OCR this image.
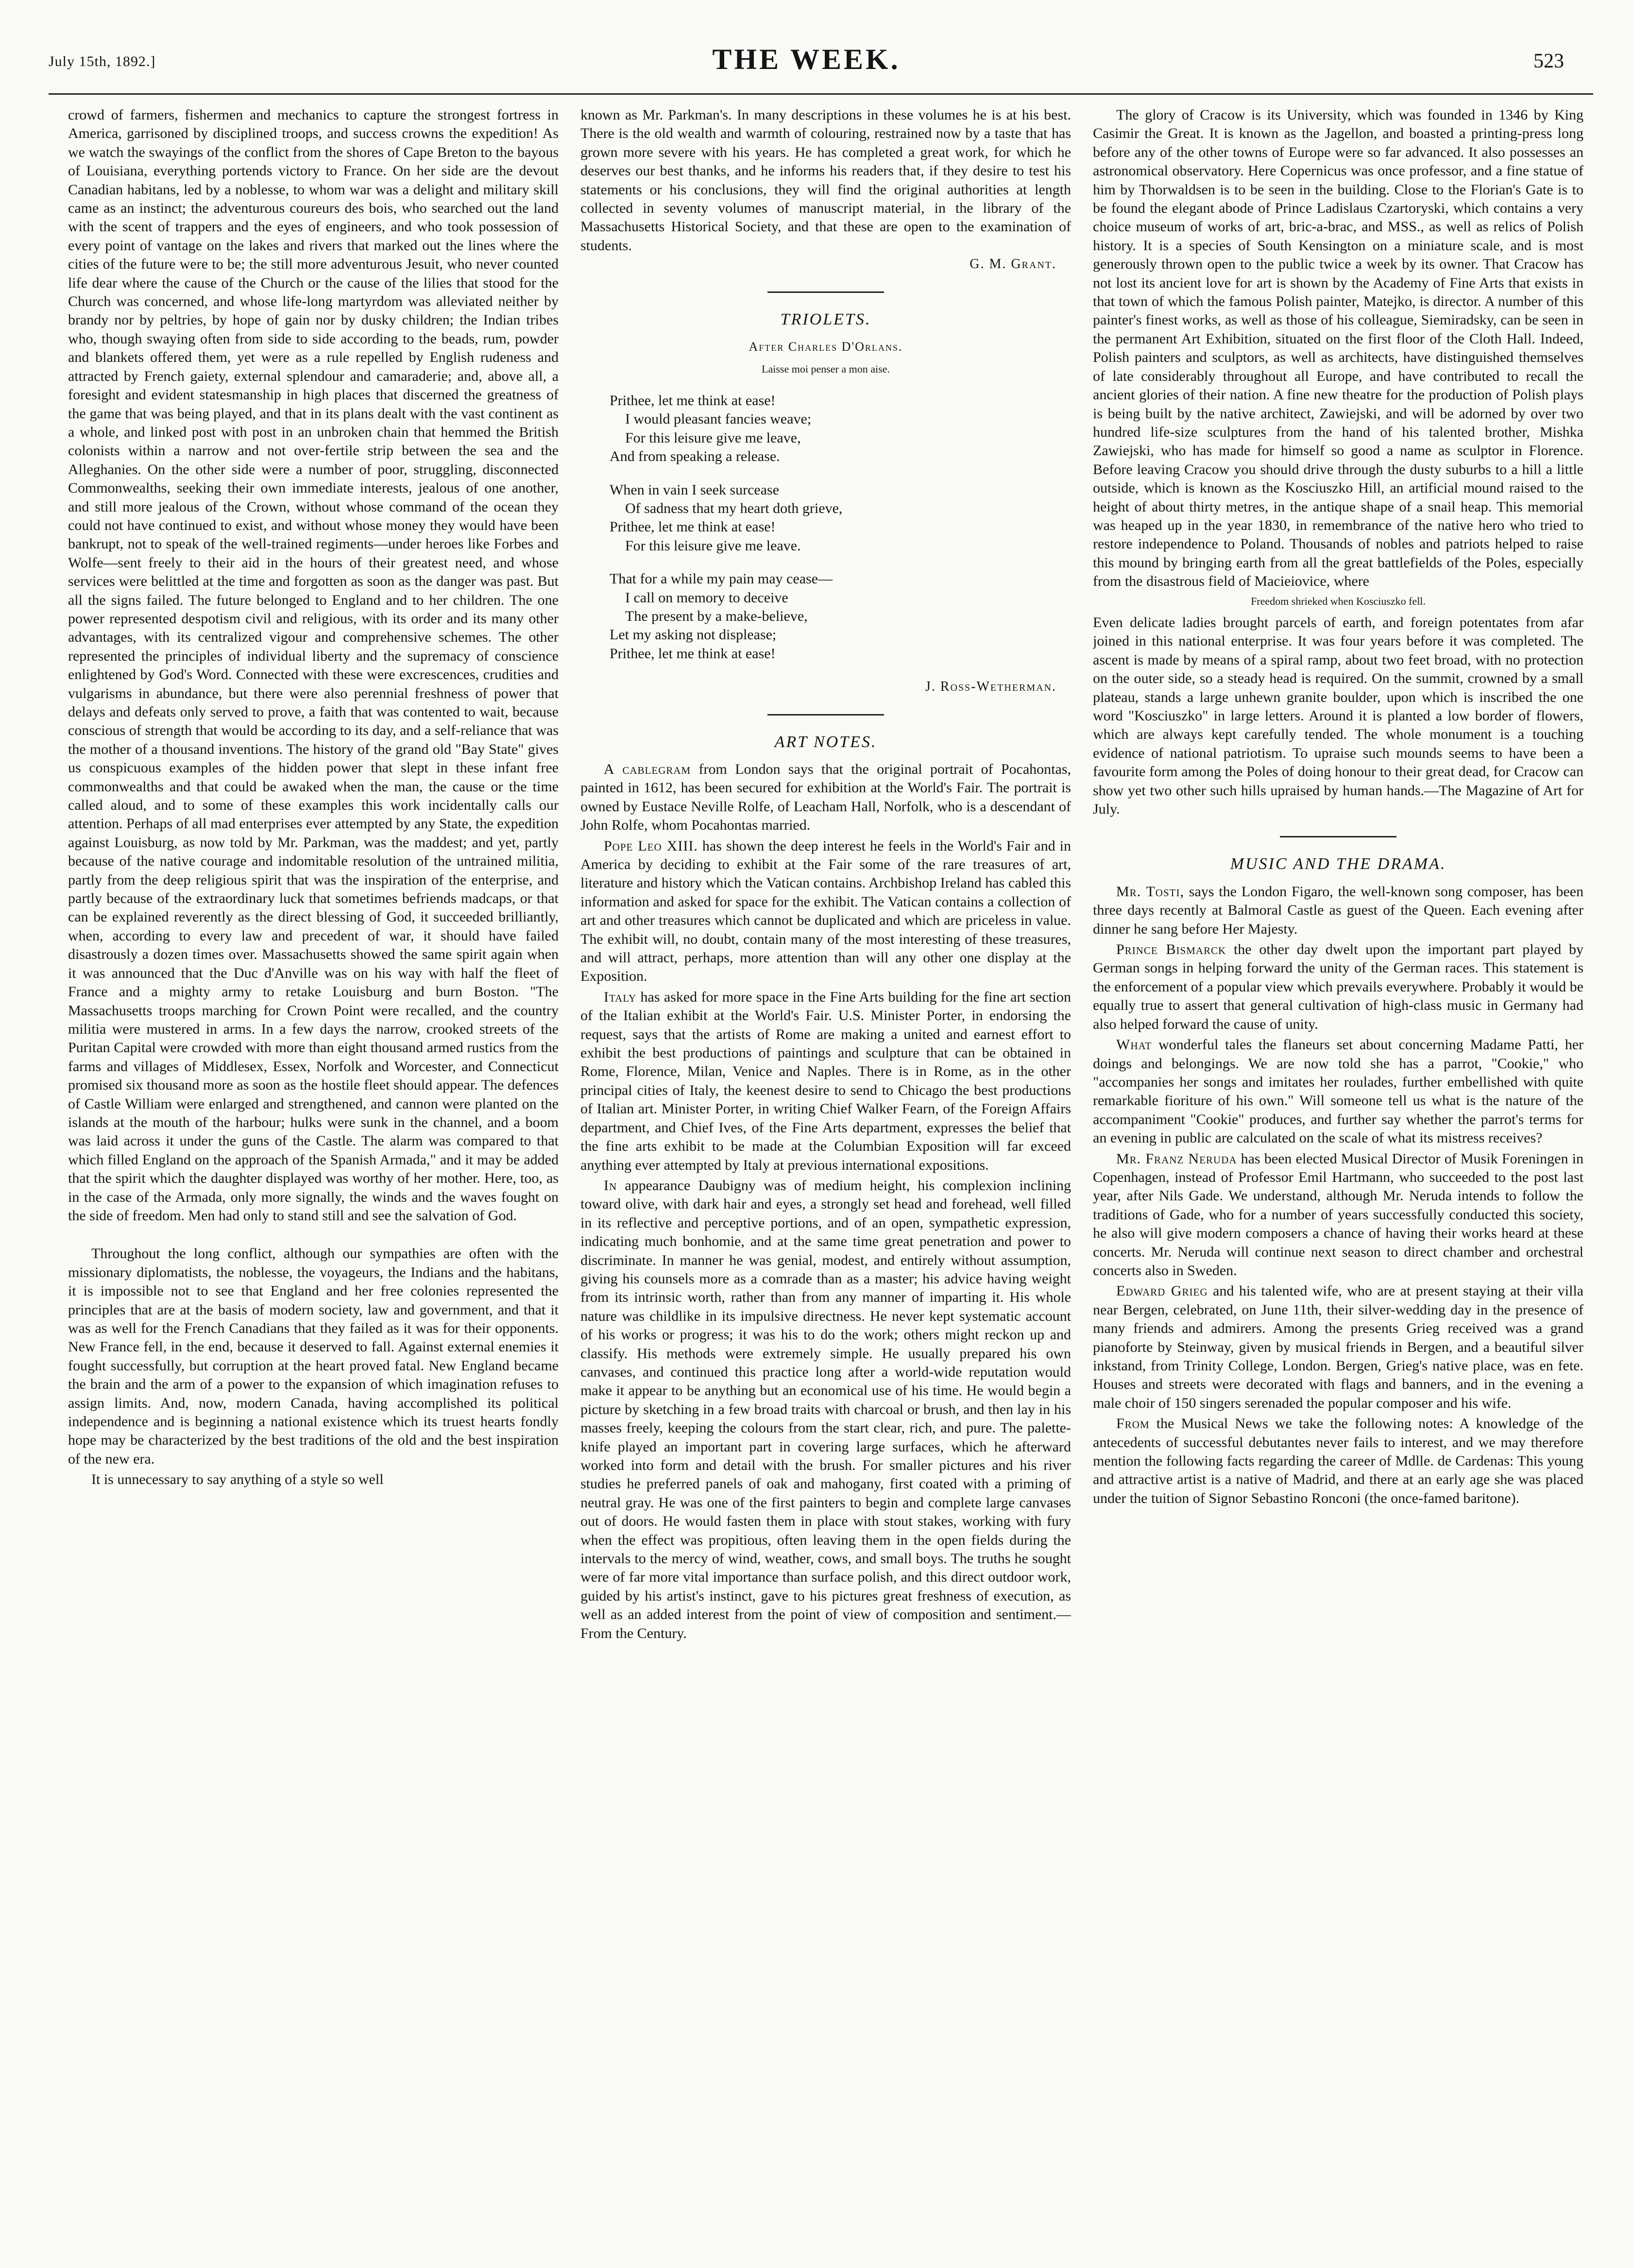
July 15th, 1892.]	THE WEEK.	523

crowd of farmers, fishermen and mechanics to capture the strongest fortress in America, garrisoned by disciplined troops, and success crowns the expedition! As we watch the swayings of the conflict from the shores of Cape Breton to the bayous of Louisiana, everything portends victory to France. On her side are the devout Canadian habitans, led by a noblesse, to whom war was a delight and military skill came as an instinct; the adventurous coureurs des bois, who searched out the land with the scent of trappers and the eyes of engineers, and who took possession of every point of vantage on the lakes and rivers that marked out the lines where the cities of the future were to be; the still more adventurous Jesuit, who never counted life dear where the cause of the Church or the cause of the lilies that stood for the Church was concerned, and whose life-long martyrdom was alleviated neither by brandy nor by peltries, by hope of gain nor by dusky children; the Indian tribes who, though swaying often from side to side according to the beads, rum, powder and blankets offered them, yet were as a rule repelled by English rudeness and attracted by French gaiety, external splendour and camaraderie; and, above all, a foresight and evident statesmanship in high places that discerned the greatness of the game that was being played, and that in its plans dealt with the vast continent as a whole, and linked post with post in an unbroken chain that hemmed the British colonists within a narrow and not over-fertile strip between the sea and the Alleghanies. On the other side were a number of poor, struggling, disconnected Commonwealths, seeking their own immediate interests, jealous of one another, and still more jealous of the Crown, without whose command of the ocean they could not have continued to exist, and without whose money they would have been bankrupt, not to speak of the well-trained regiments—under heroes like Forbes and Wolfe—sent freely to their aid in the hours of their greatest need, and whose services were belittled at the time and forgotten as soon as the danger was past. But all the signs failed. The future belonged to England and to her children. The one power represented despotism civil and religious, with its order and its many other advantages, with its centralized vigour and comprehensive schemes. The other represented the principles of individual liberty and the supremacy of conscience enlightened by God's Word. Connected with these were excrescences, crudities and vulgarisms in abundance, but there were also perennial freshness of power that delays and defeats only served to prove, a faith that was contented to wait, because conscious of strength that would be according to its day, and a self-reliance that was the mother of a thousand inventions. The history of the grand old "Bay State" gives us conspicuous examples of the hidden power that slept in these infant free commonwealths and that could be awaked when the man, the cause or the time called aloud, and to some of these examples this work incidentally calls our attention. Perhaps of all mad enterprises ever attempted by any State, the expedition against Louisburg, as now told by Mr. Parkman, was the maddest; and yet, partly because of the native courage and indomitable resolution of the untrained militia, partly from the deep religious spirit that was the inspiration of the enterprise, and partly because of the extraordinary luck that sometimes befriends madcaps, or that can be explained reverently as the direct blessing of God, it succeeded brilliantly, when, according to every law and precedent of war, it should have failed disastrously a dozen times over. Massachusetts showed the same spirit again when it was announced that the Duc d'Anville was on his way with half the fleet of France and a mighty army to retake Louisburg and burn Boston. "The Massachusetts troops marching for Crown Point were recalled, and the country militia were mustered in arms. In a few days the narrow, crooked streets of the Puritan Capital were crowded with more than eight thousand armed rustics from the farms and villages of Middlesex, Essex, Norfolk and Worcester, and Connecticut promised six thousand more as soon as the hostile fleet should appear. The defences of Castle William were enlarged and strengthened, and cannon were planted on the islands at the mouth of the harbour; hulks were sunk in the channel, and a boom was laid across it under the guns of the Castle. The alarm was compared to that which filled England on the approach of the Spanish Armada," and it may be added that the spirit which the daughter displayed was worthy of her mother. Here, too, as in the case of the Armada, only more signally, the winds and the waves fought on the side of freedom. Men had only to stand still and see the salvation of God.

Throughout the long conflict, although our sympathies are often with the missionary diplomatists, the noblesse, the voyageurs, the Indians and the habitans, it is impossible not to see that England and her free colonies represented the principles that are at the basis of modern society, law and government, and that it was as well for the French Canadians that they failed as it was for their opponents. New France fell, in the end, because it deserved to fall. Against external enemies it fought successfully, but corruption at the heart proved fatal. New England became the brain and the arm of a power to the expansion of which imagination refuses to assign limits. And, now, modern Canada, having accomplished its political independence and is beginning a national existence which its truest hearts fondly hope may be characterized by the best traditions of the old and the best inspiration of the new era.

It is unnecessary to say anything of a style so well

known as Mr. Parkman's. In many descriptions in these volumes he is at his best. There is the old wealth and warmth of colouring, restrained now by a taste that has grown more severe with his years. He has completed a great work, for which he deserves our best thanks, and he informs his readers that, if they desire to test his statements or his conclusions, they will find the original authorities at length collected in seventy volumes of manuscript material, in the library of the Massachusetts Historical Society, and that these are open to the examination of students.

G. M. Grant.
TRIOLETS.
After Charles D'Orlans.
Laisse moi penser a mon aise.
Prithee, let me think at ease!
I would pleasant fancies weave;
For this leisure give me leave,
And from speaking a release.
When in vain I seek surcease
Of sadness that my heart doth grieve,
Prithee, let me think at ease!
For this leisure give me leave.
That for a while my pain may cease—
I call on memory to deceive
The present by a make-believe,
Let my asking not displease;
Prithee, let me think at ease!
J. Ross-Wetherman.
ART NOTES.

A cablegram from London says that the original portrait of Pocahontas, painted in 1612, has been secured for exhibition at the World's Fair. The portrait is owned by Eustace Neville Rolfe, of Leacham Hall, Norfolk, who is a descendant of John Rolfe, whom Pocahontas married.

Pope Leo XIII. has shown the deep interest he feels in the World's Fair and in America by deciding to exhibit at the Fair some of the rare treasures of art, literature and history which the Vatican contains. Archbishop Ireland has cabled this information and asked for space for the exhibit. The Vatican contains a collection of art and other treasures which cannot be duplicated and which are priceless in value. The exhibit will, no doubt, contain many of the most interesting of these treasures, and will attract, perhaps, more attention than will any other one display at the Exposition.

Italy has asked for more space in the Fine Arts building for the fine art section of the Italian exhibit at the World's Fair. U.S. Minister Porter, in endorsing the request, says that the artists of Rome are making a united and earnest effort to exhibit the best productions of paintings and sculpture that can be obtained in Rome, Florence, Milan, Venice and Naples. There is in Rome, as in the other principal cities of Italy, the keenest desire to send to Chicago the best productions of Italian art. Minister Porter, in writing Chief Walker Fearn, of the Foreign Affairs department, and Chief Ives, of the Fine Arts department, expresses the belief that the fine arts exhibit to be made at the Columbian Exposition will far exceed anything ever attempted by Italy at previous international expositions.

In appearance Daubigny was of medium height, his complexion inclining toward olive, with dark hair and eyes, a strongly set head and forehead, well filled in its reflective and perceptive portions, and of an open, sympathetic expression, indicating much bonhomie, and at the same time great penetration and power to discriminate. In manner he was genial, modest, and entirely without assumption, giving his counsels more as a comrade than as a master; his advice having weight from its intrinsic worth, rather than from any manner of imparting it. His whole nature was childlike in its impulsive directness. He never kept systematic account of his works or progress; it was his to do the work; others might reckon up and classify. His methods were extremely simple. He usually prepared his own canvases, and continued this practice long after a world-wide reputation would make it appear to be anything but an economical use of his time. He would begin a picture by sketching in a few broad traits with charcoal or brush, and then lay in his masses freely, keeping the colours from the start clear, rich, and pure. The palette-knife played an important part in covering large surfaces, which he afterward worked into form and detail with the brush. For smaller pictures and his river studies he preferred panels of oak and mahogany, first coated with a priming of neutral gray. He was one of the first painters to begin and complete large canvases out of doors. He would fasten them in place with stout stakes, working with fury when the effect was propitious, often leaving them in the open fields during the intervals to the mercy of wind, weather, cows, and small boys. The truths he sought were of far more vital importance than surface polish, and this direct outdoor work, guided by his artist's instinct, gave to his pictures great freshness of execution, as well as an added interest from the point of view of composition and sentiment.—From the Century.

The glory of Cracow is its University, which was founded in 1346 by King Casimir the Great. It is known as the Jagellon, and boasted a printing-press long before any of the other towns of Europe were so far advanced. It also possesses an astronomical observatory. Here Copernicus was once professor, and a fine statue of him by Thorwaldsen is to be seen in the building. Close to the Florian's Gate is to be found the elegant abode of Prince Ladislaus Czartoryski, which contains a very choice museum of works of art, bric-a-brac, and MSS., as well as relics of Polish history. It is a species of South Kensington on a miniature scale, and is most generously thrown open to the public twice a week by its owner. That Cracow has not lost its ancient love for art is shown by the Academy of Fine Arts that exists in that town of which the famous Polish painter, Matejko, is director. A number of this painter's finest works, as well as those of his colleague, Siemiradsky, can be seen in the permanent Art Exhibition, situated on the first floor of the Cloth Hall. Indeed, Polish painters and sculptors, as well as architects, have distinguished themselves of late considerably throughout all Europe, and have contributed to recall the ancient glories of their nation. A fine new theatre for the production of Polish plays is being built by the native architect, Zawiejski, and will be adorned by over two hundred life-size sculptures from the hand of his talented brother, Mishka Zawiejski, who has made for himself so good a name as sculptor in Florence. Before leaving Cracow you should drive through the dusty suburbs to a hill a little outside, which is known as the Kosciuszko Hill, an artificial mound raised to the height of about thirty metres, in the antique shape of a snail heap. This memorial was heaped up in the year 1830, in remembrance of the native hero who tried to restore independence to Poland. Thousands of nobles and patriots helped to raise this mound by bringing earth from all the great battlefields of the Poles, especially from the disastrous field of Macieiovice, where

Freedom shrieked when Kosciuszko fell.

Even delicate ladies brought parcels of earth, and foreign potentates from afar joined in this national enterprise. It was four years before it was completed. The ascent is made by means of a spiral ramp, about two feet broad, with no protection on the outer side, so a steady head is required. On the summit, crowned by a small plateau, stands a large unhewn granite boulder, upon which is inscribed the one word "Kosciuszko" in large letters. Around it is planted a low border of flowers, which are always kept carefully tended. The whole monument is a touching evidence of national patriotism. To upraise such mounds seems to have been a favourite form among the Poles of doing honour to their great dead, for Cracow can show yet two other such hills upraised by human hands.—The Magazine of Art for July.

MUSIC AND THE DRAMA.

Mr. Tosti, says the London Figaro, the well-known song composer, has been three days recently at Balmoral Castle as guest of the Queen. Each evening after dinner he sang before Her Majesty.

Prince Bismarck the other day dwelt upon the important part played by German songs in helping forward the unity of the German races. This statement is the enforcement of a popular view which prevails everywhere. Probably it would be equally true to assert that general cultivation of high-class music in Germany had also helped forward the cause of unity.

What wonderful tales the flaneurs set about concerning Madame Patti, her doings and belongings. We are now told she has a parrot, "Cookie," who "accompanies her songs and imitates her roulades, further embellished with quite remarkable fioriture of his own." Will someone tell us what is the nature of the accompaniment "Cookie" produces, and further say whether the parrot's terms for an evening in public are calculated on the scale of what its mistress receives?

Mr. Franz Neruda has been elected Musical Director of Musik Foreningen in Copenhagen, instead of Professor Emil Hartmann, who succeeded to the post last year, after Nils Gade. We understand, although Mr. Neruda intends to follow the traditions of Gade, who for a number of years successfully conducted this society, he also will give modern composers a chance of having their works heard at these concerts. Mr. Neruda will continue next season to direct chamber and orchestral concerts also in Sweden.

Edward Grieg and his talented wife, who are at present staying at their villa near Bergen, celebrated, on June 11th, their silver-wedding day in the presence of many friends and admirers. Among the presents Grieg received was a grand pianoforte by Steinway, given by musical friends in Bergen, and a beautiful silver inkstand, from Trinity College, London. Bergen, Grieg's native place, was en fete. Houses and streets were decorated with flags and banners, and in the evening a male choir of 150 singers serenaded the popular composer and his wife.

From the Musical News we take the following notes: A knowledge of the antecedents of successful debutantes never fails to interest, and we may therefore mention the following facts regarding the career of Mdlle. de Cardenas: This young and attractive artist is a native of Madrid, and there at an early age she was placed under the tuition of Signor Sebastino Ronconi (the once-famed baritone).
